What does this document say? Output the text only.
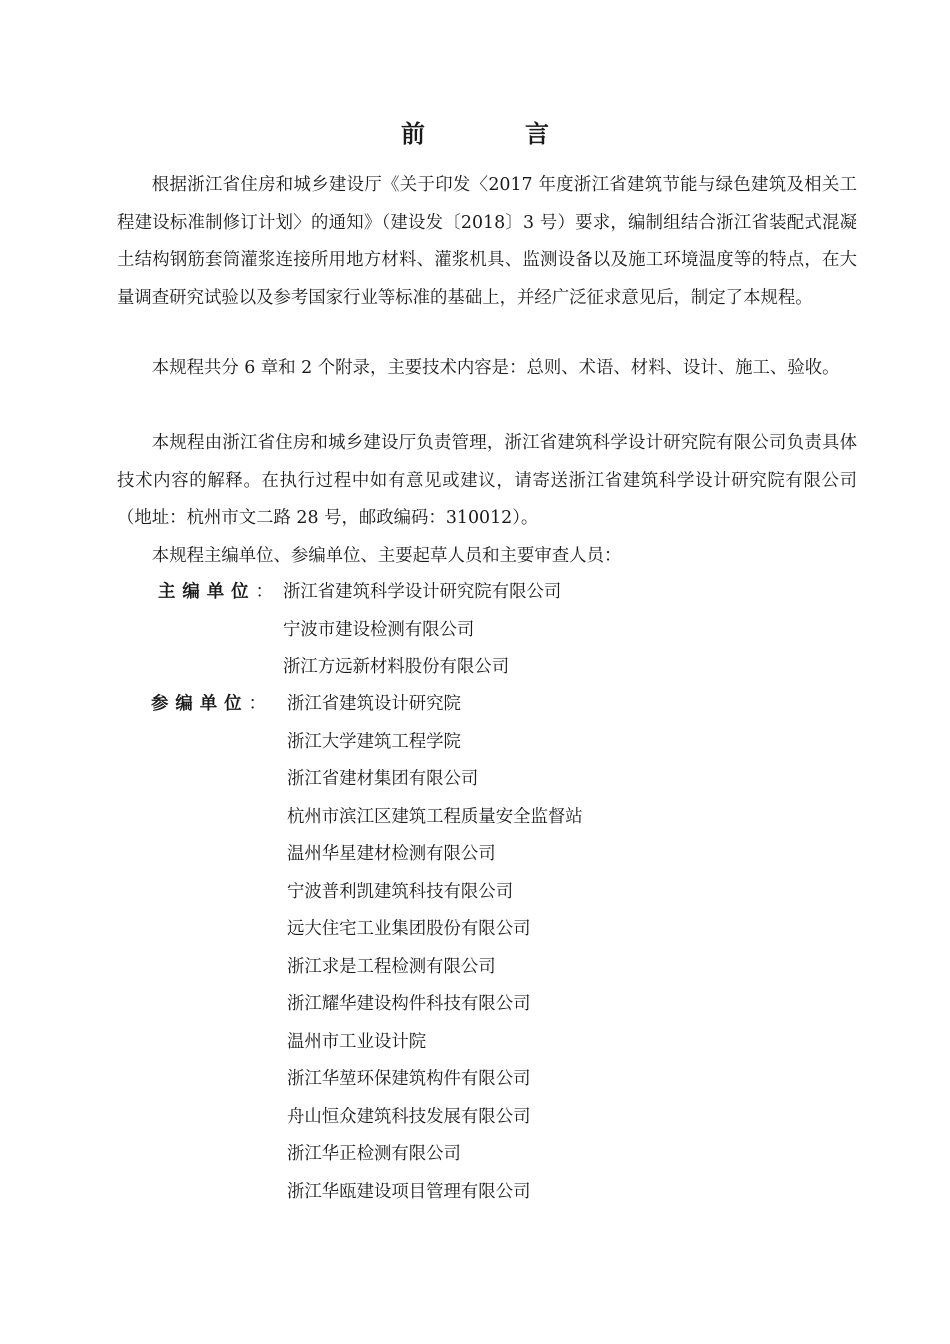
前　言

根据浙江省住房和城乡建设厅《关于印发〈2017 年度浙江省建筑节能与绿色建筑及相关工程建设标准制修订计划〉的通知》（建设发〔2018〕3 号）要求，编制组结合浙江省装配式混凝土结构钢筋套筒灌浆连接所用地方材料、灌浆机具、监测设备以及施工环境温度等的特点，在大量调查研究试验以及参考国家行业等标准的基础上，并经广泛征求意见后，制定了本规程。

本规程共分 6 章和 2 个附录，主要技术内容是：总则、术语、材料、设计、施工、验收。

本规程由浙江省住房和城乡建设厅负责管理，浙江省建筑科学设计研究院有限公司负责具体技术内容的解释。在执行过程中如有意见或建议，请寄送浙江省建筑科学设计研究院有限公司（地址：杭州市文二路 28 号，邮政编码：310012）。

本规程主编单位、参编单位、主要起草人员和主要审查人员：

主编单位： 浙江省建筑科学设计研究院有限公司
宁波市建设检测有限公司
浙江方远新材料股份有限公司
参编单位： 浙江省建筑设计研究院
浙江大学建筑工程学院
浙江省建材集团有限公司
杭州市滨江区建筑工程质量安全监督站
温州华星建材检测有限公司
宁波普利凯建筑科技有限公司
远大住宅工业集团股份有限公司
浙江求是工程检测有限公司
浙江耀华建设构件科技有限公司
温州市工业设计院
浙江华堃环保建筑构件有限公司
舟山恒众建筑科技发展有限公司
浙江华正检测有限公司
浙江华瓯建设项目管理有限公司
